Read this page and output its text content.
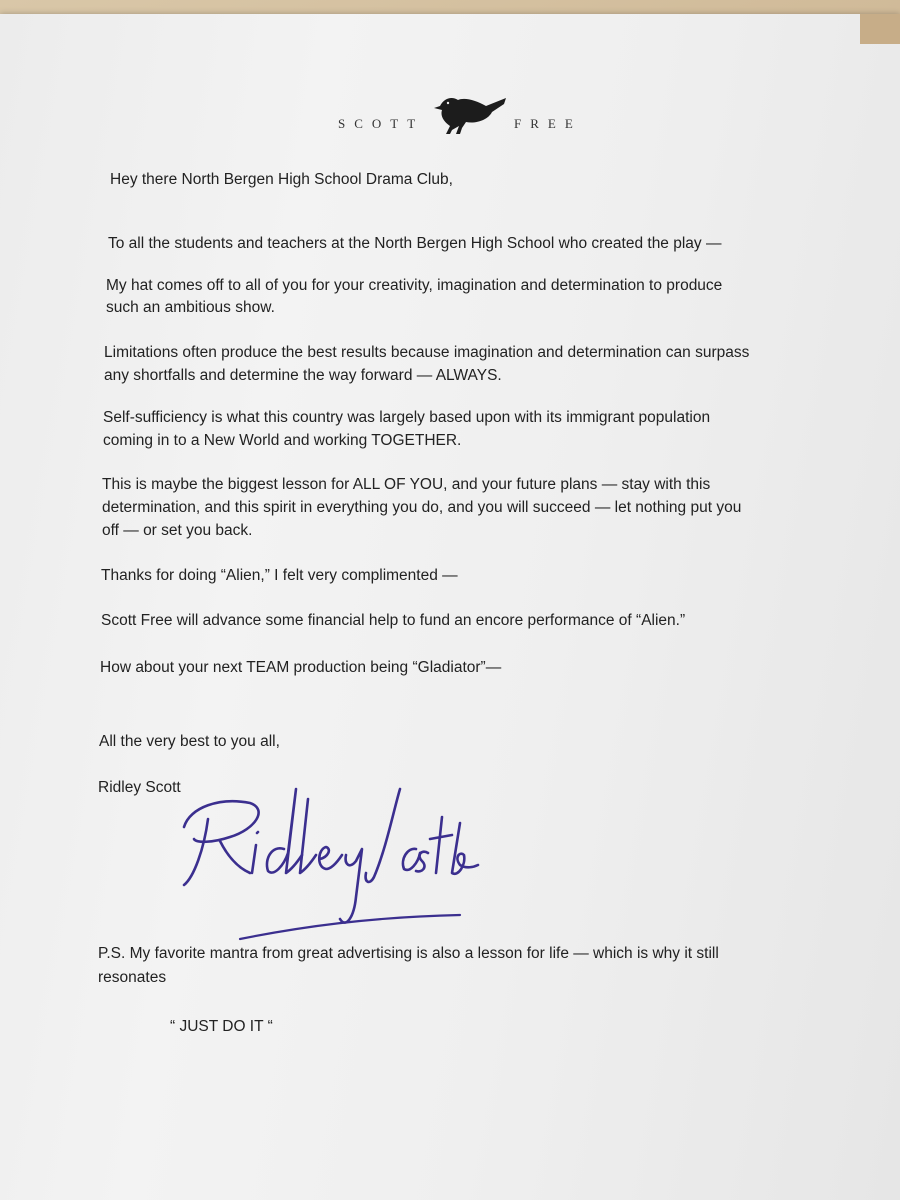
SCOTT	FREE
Hey there North Bergen High School Drama Club,
To all the students and teachers at the North Bergen High School who created the play —
My hat comes off to all of you for your creativity, imagination and determination to produce
such an ambitious show.
Limitations often produce the best results because imagination and determination can surpass
any shortfalls and determine the way forward — ALWAYS.
Self-sufficiency is what this country was largely based upon with its immigrant population
coming in to a New World and working TOGETHER.
This is maybe the biggest lesson for ALL OF YOU, and your future plans — stay with this
determination, and this spirit in everything you do, and you will succeed — let nothing put you
off — or set you back.
Thanks for doing “Alien,” I felt very complimented —
Scott Free will advance some financial help to fund an encore performance of “Alien.”
How about your next TEAM production being “Gladiator”—
All the very best to you all,
Ridley Scott
P.S. My favorite mantra from great advertising is also a lesson for life — which is why it still
resonates
“ JUST DO IT “
